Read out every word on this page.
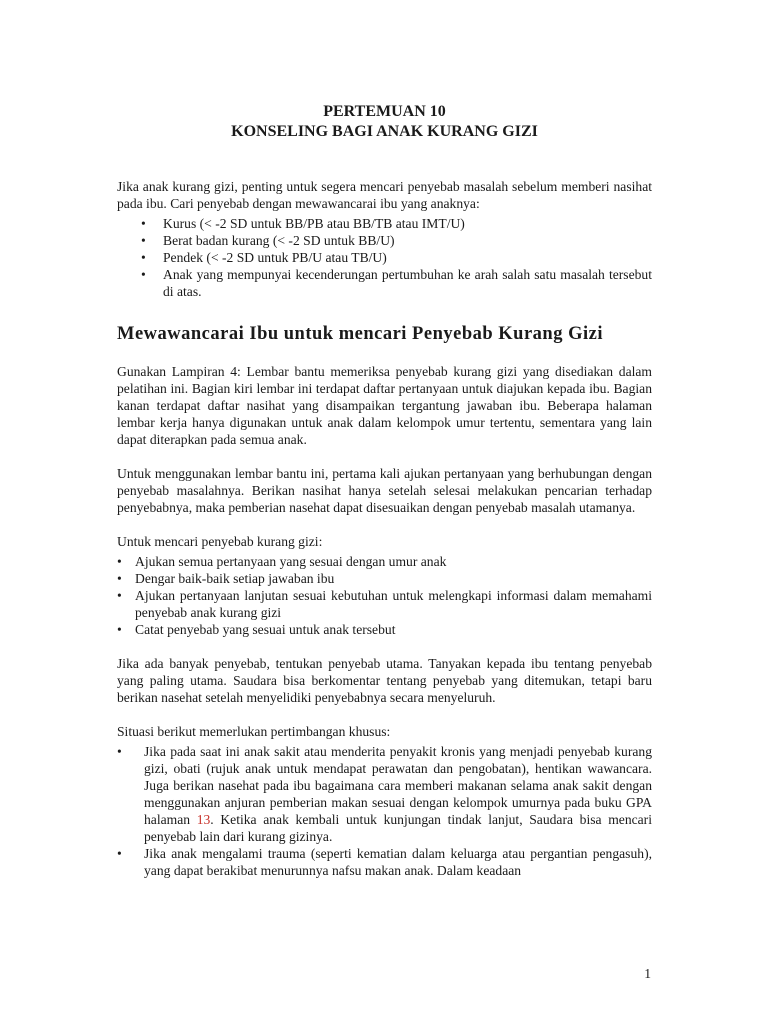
PERTEMUAN 10
KONSELING BAGI ANAK KURANG GIZI

Jika anak kurang gizi, penting untuk segera mencari penyebab masalah sebelum memberi nasihat pada ibu. Cari penyebab dengan mewawancarai ibu yang anaknya:

• Kurus (< -2 SD untuk BB/PB atau BB/TB atau IMT/U)
• Berat badan kurang (< -2 SD untuk BB/U)
• Pendek (< -2 SD untuk PB/U atau TB/U)
• Anak yang mempunyai kecenderungan pertumbuhan ke arah salah satu masalah tersebut di atas.
Mewawancarai Ibu untuk mencari Penyebab Kurang Gizi

Gunakan Lampiran 4: Lembar bantu memeriksa penyebab kurang gizi yang disediakan dalam pelatihan ini. Bagian kiri lembar ini terdapat daftar pertanyaan untuk diajukan kepada ibu. Bagian kanan terdapat daftar nasihat yang disampaikan tergantung jawaban ibu. Beberapa halaman lembar kerja hanya digunakan untuk anak dalam kelompok umur tertentu, sementara yang lain dapat diterapkan pada semua anak.

Untuk menggunakan lembar bantu ini, pertama kali ajukan pertanyaan yang berhubungan dengan penyebab masalahnya. Berikan nasihat hanya setelah selesai melakukan pencarian terhadap penyebabnya, maka pemberian nasehat dapat disesuaikan dengan penyebab masalah utamanya.

Untuk mencari penyebab kurang gizi:

• Ajukan semua pertanyaan yang sesuai dengan umur anak
• Dengar baik-baik setiap jawaban ibu
• Ajukan pertanyaan lanjutan sesuai kebutuhan untuk melengkapi informasi dalam memahami penyebab anak kurang gizi
• Catat penyebab yang sesuai untuk anak tersebut

Jika ada banyak penyebab, tentukan penyebab utama. Tanyakan kepada ibu tentang penyebab yang paling utama. Saudara bisa berkomentar tentang penyebab yang ditemukan, tetapi baru berikan nasehat setelah menyelidiki penyebabnya secara menyeluruh.

Situasi berikut memerlukan pertimbangan khusus:

• Jika pada saat ini anak sakit atau menderita penyakit kronis yang menjadi penyebab kurang gizi, obati (rujuk anak untuk mendapat perawatan dan pengobatan), hentikan wawancara. Juga berikan nasehat pada ibu bagaimana cara memberi makanan selama anak sakit dengan menggunakan anjuran pemberian makan sesuai dengan kelompok umurnya pada buku GPA halaman 13. Ketika anak kembali untuk kunjungan tindak lanjut, Saudara bisa mencari penyebab lain dari kurang gizinya.
• Jika anak mengalami trauma (seperti kematian dalam keluarga atau pergantian pengasuh), yang dapat berakibat menurunnya nafsu makan anak. Dalam keadaan
1
